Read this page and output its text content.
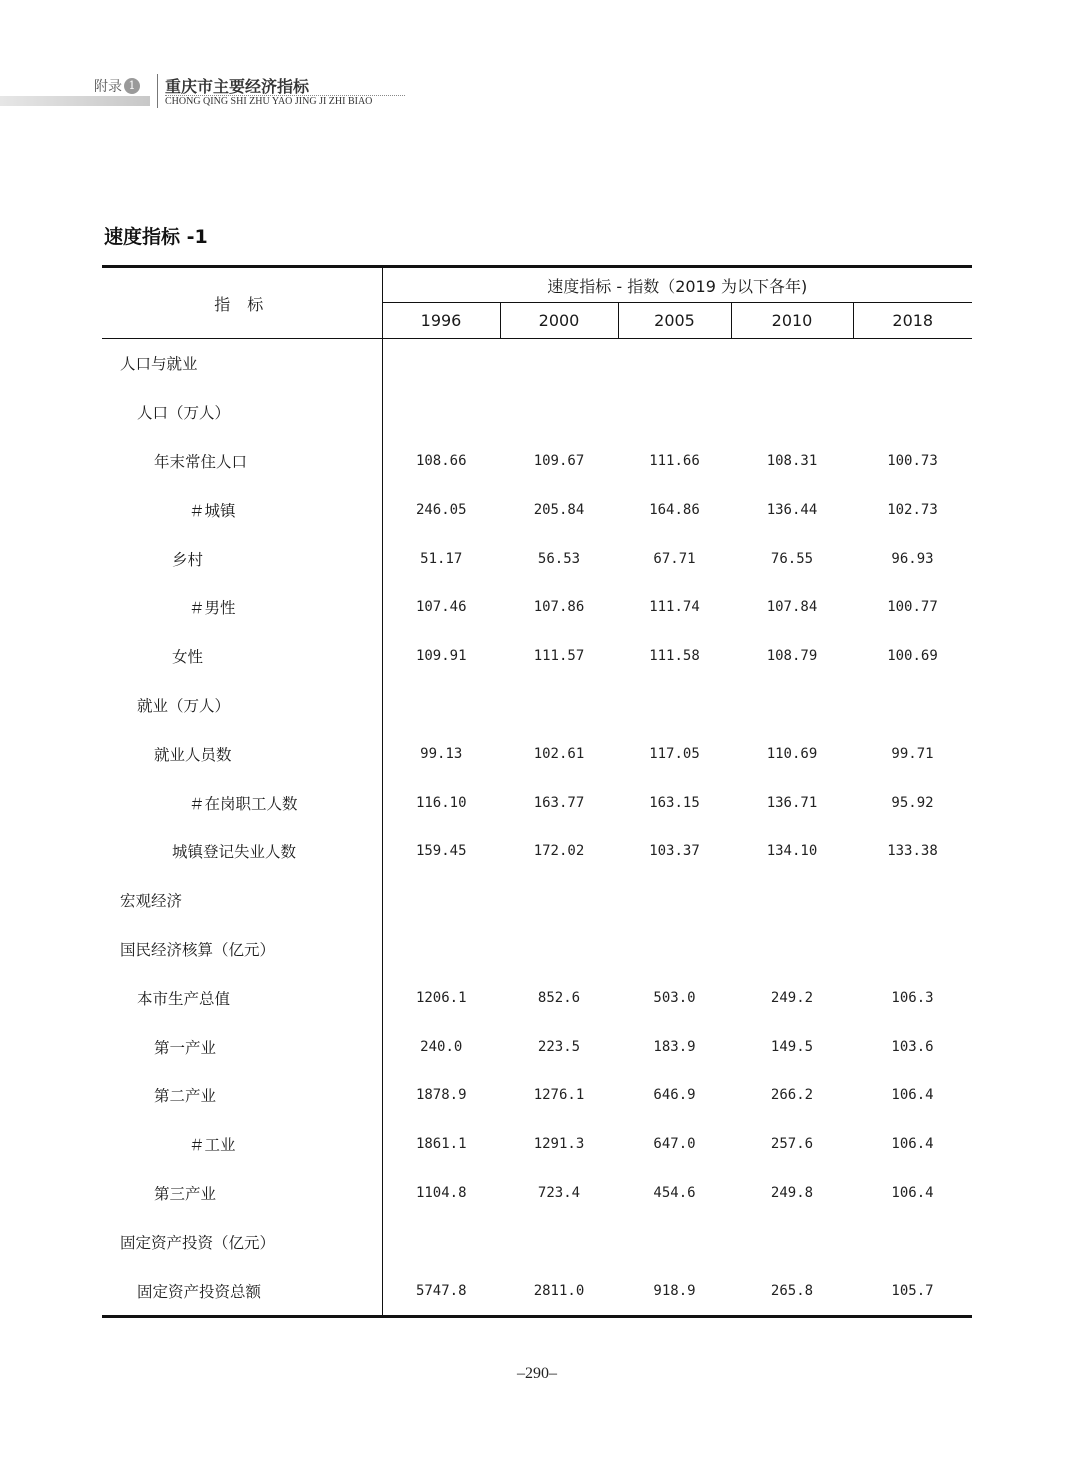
附录 1 重庆市主要经济指标
CHONG QING SHI ZHU YAO JING JI ZHI BIAO
速度指标 -1
指 标	速度指标 - 指数（2019 为以下各年)				
	1996	2000	2005	2010	2018
人口与就业					
人口（万人）					
年末常住人口	108.66	109.67	111.66	108.31	100.73
＃城镇	246.05	205.84	164.86	136.44	102.73
乡村	51.17	56.53	67.71	76.55	96.93
＃男性	107.46	107.86	111.74	107.84	100.77
女性	109.91	111.57	111.58	108.79	100.69
就业（万人）					
就业人员数	99.13	102.61	117.05	110.69	99.71
＃在岗职工人数	116.10	163.77	163.15	136.71	95.92
城镇登记失业人数	159.45	172.02	103.37	134.10	133.38
宏观经济					
国民经济核算（亿元）					
本市生产总值	1206.1	852.6	503.0	249.2	106.3
第一产业	240.0	223.5	183.9	149.5	103.6
第二产业	1878.9	1276.1	646.9	266.2	106.4
＃工业	1861.1	1291.3	647.0	257.6	106.4
第三产业	1104.8	723.4	454.6	249.8	106.4
固定资产投资（亿元）					
固定资产投资总额	5747.8	2811.0	918.9	265.8	105.7
–290–
